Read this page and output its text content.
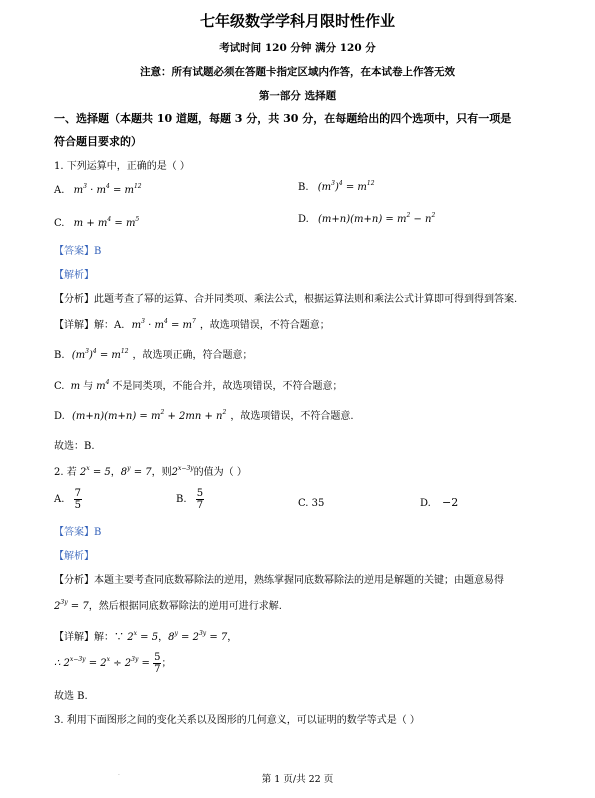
七年级数学学科月限时性作业
考试时间 120 分钟 满分 120 分
注意：所有试题必须在答题卡指定区域内作答，在本试卷上作答无效
第一部分 选择题
一、选择题（本题共 10 道题，每题 3 分，共 30 分，在每题给出的四个选项中，只有一项是
符合题目要求的）
1. 下列运算中，正确的是（ ）
A. $m^3 \cdot m^4 = m^{12}$	B. $(m^3)^4 = m^{12}$
C. $m + m^4 = m^5$	D. $(m+n)(m+n) = m^2 - n^2$
【答案】B
【解析】
【分析】此题考查了幂的运算、合并同类项、乘法公式，根据运算法则和乘法公式计算即可得到得到答案.
【详解】解：A. $m^3 \cdot m^4 = m^7$ ，故选项错误，不符合题意；
B. $(m^3)^4 = m^{12}$ ，故选项正确，符合题意；
C. m 与 $m^4$ 不是同类项，不能合并，故选项错误，不符合题意；
D. $(m+n)(m+n) = m^2 + 2mn + n^2$ ，故选项错误，不符合题意.
故选：B.
2. 若 $2^x = 5$，$8^y = 7$，则$2^{x-3y}$的值为（ ）
A. $\frac{7}{5}$	B. $\frac{5}{7}$	C. 35	D. −2
【答案】B
【解析】
【分析】本题主要考查同底数幂除法的逆用，熟练掌握同底数幂除法的逆用是解题的关键；由题意易得
$2^{3y} = 7$，然后根据同底数幂除法的逆用可进行求解.
【详解】解：∵ $2^x = 5$，$8^y = 2^{3y} = 7$，
∴ $2^{x-3y} = 2^x \div 2^{3y} = \frac{5}{7}$ ；
故选 B.
3. 利用下面图形之间的变化关系以及图形的几何意义，可以证明的数学等式是（ ）
·	第 1 页/共 22 页
